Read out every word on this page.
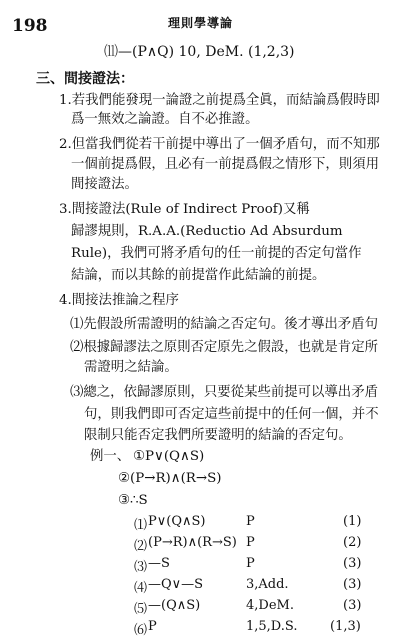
198	理則學導論
⑾—(P∧Q) 10, DeM. (1,2,3)
三、間接證法：
1.若我們能發現一論證之前提爲全眞，而結論爲假時即
爲一無效之論證。自不必推證。
2.但當我們從若干前提中導出了一個矛盾句，而不知那
一個前提爲假，且必有一前提爲假之情形下，則須用
間接證法。
3.間接證法(Rule of Indirect Proof)又稱
歸謬規則，R.A.A.(Reductio Ad Absurdum
Rule)，我們可將矛盾句的任一前提的否定句當作
結論，而以其餘的前提當作此結論的前提。
4.間接法推論之程序
⑴先假設所需證明的結論之否定句。後才導出矛盾句
⑵根據歸謬法之原則否定原先之假設，也就是肯定所
需證明之結論。
⑶總之，依歸謬原則，只要從某些前提可以導出矛盾
句，則我們即可否定這些前提中的任何一個，并不
限制只能否定我們所要證明的結論的否定句。
例一、 ①P∨(Q∧S)
②(P→R)∧(R→S)
③∴S
⑴ P∨(Q∧S)	P	(1)
⑵ (P→R)∧(R→S) P	(2)
⑶ —S	P	(3)
⑷ —Q∨—S	3,Add.	(3)
⑸ —(Q∧S)	4,DeM.	(3)
⑹ P	1,5,D.S.	(1,3)
